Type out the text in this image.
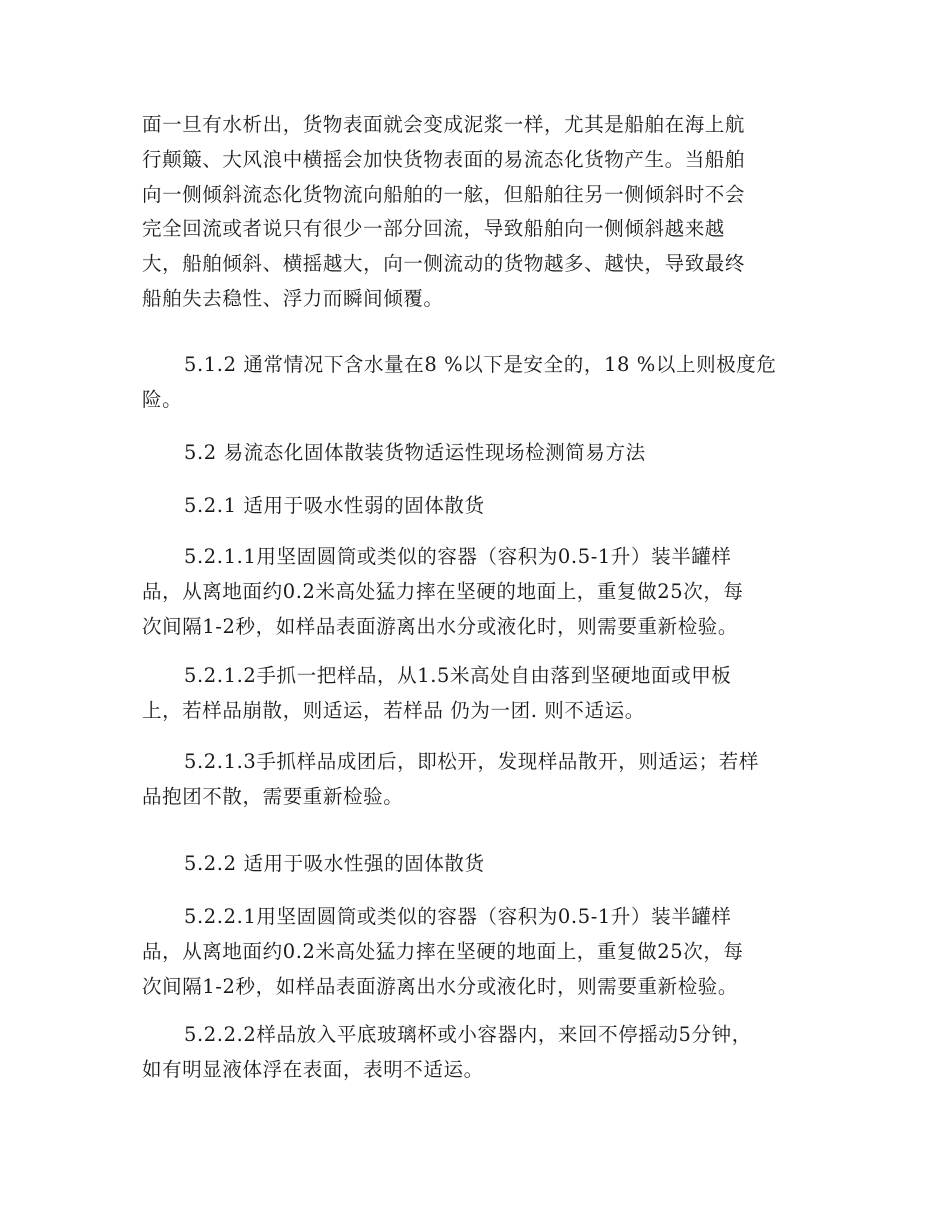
面一旦有水析出，货物表面就会变成泥浆一样，尤其是船舶在海上航
行颠簸、大风浪中横摇会加快货物表面的易流态化货物产生。当船舶
向一侧倾斜流态化货物流向船舶的一舷，但船舶往另一侧倾斜时不会
完全回流或者说只有很少一部分回流，导致船舶向一侧倾斜越来越
大，船舶倾斜、横摇越大，向一侧流动的货物越多、越快，导致最终
船舶失去稳性、浮力而瞬间倾覆。

5.1.2 通常情况下含水量在8 %以下是安全的，18 %以上则极度危
险。

5.2 易流态化固体散装货物适运性现场检测简易方法

5.2.1 适用于吸水性弱的固体散货

5.2.1.1用坚固圆筒或类似的容器（容积为0.5-1升）装半罐样
品，从离地面约0.2米高处猛力摔在坚硬的地面上，重复做25次，每
次间隔1-2秒，如样品表面游离出水分或液化时，则需要重新检验。

5.2.1.2手抓一把样品，从1.5米高处自由落到坚硬地面或甲板
上，若样品崩散，则适运，若样品 仍为一团. 则不适运。

5.2.1.3手抓样品成团后，即松开，发现样品散开，则适运；若样
品抱团不散，需要重新检验。

5.2.2 适用于吸水性强的固体散货

5.2.2.1用坚固圆筒或类似的容器（容积为0.5-1升）装半罐样
品，从离地面约0.2米高处猛力摔在坚硬的地面上，重复做25次，每
次间隔1-2秒，如样品表面游离出水分或液化时，则需要重新检验。

5.2.2.2样品放入平底玻璃杯或小容器内，来回不停摇动5分钟，
如有明显液体浮在表面，表明不适运。
